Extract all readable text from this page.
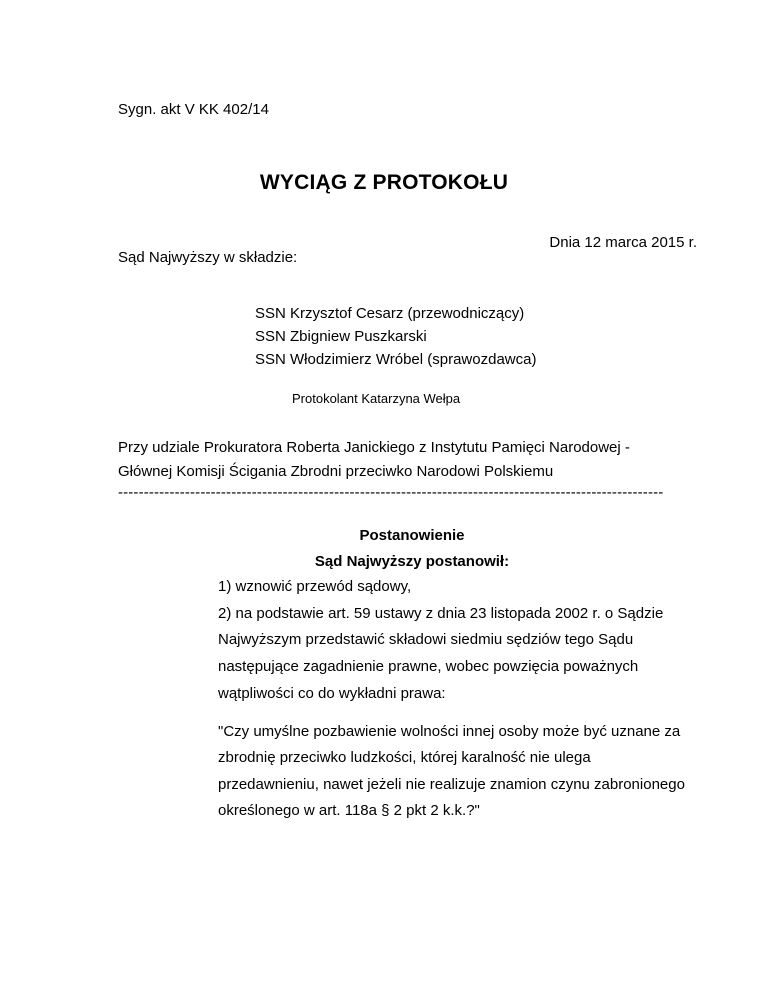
Sygn. akt V KK 402/14
WYCIĄG Z PROTOKOŁU
Dnia 12 marca 2015 r.
Sąd Najwyższy w składzie:
SSN Krzysztof Cesarz (przewodniczący)
SSN Zbigniew Puszkarski
SSN Włodzimierz Wróbel (sprawozdawca)
Protokolant Katarzyna Wełpa
Przy udziale Prokuratora Roberta Janickiego z Instytutu Pamięci Narodowej -
Głównej Komisji Ścigania Zbrodni przeciwko Narodowi Polskiemu
----------------------------------------------------------------------------------------------------------
Postanowienie
Sąd Najwyższy postanowił:

1) wznowić przewód sądowy,

2) na podstawie art. 59 ustawy z dnia 23 listopada 2002 r. o Sądzie

Najwyższym przedstawić składowi siedmiu sędziów tego Sądu

następujące zagadnienie prawne, wobec powzięcia poważnych

wątpliwości co do wykładni prawa:

"Czy umyślne pozbawienie wolności innej osoby może być uznane za

zbrodnię przeciwko ludzkości, której karalność nie ulega

przedawnieniu, nawet jeżeli nie realizuje znamion czynu zabronionego

określonego w art. 118a § 2 pkt 2 k.k.?"
